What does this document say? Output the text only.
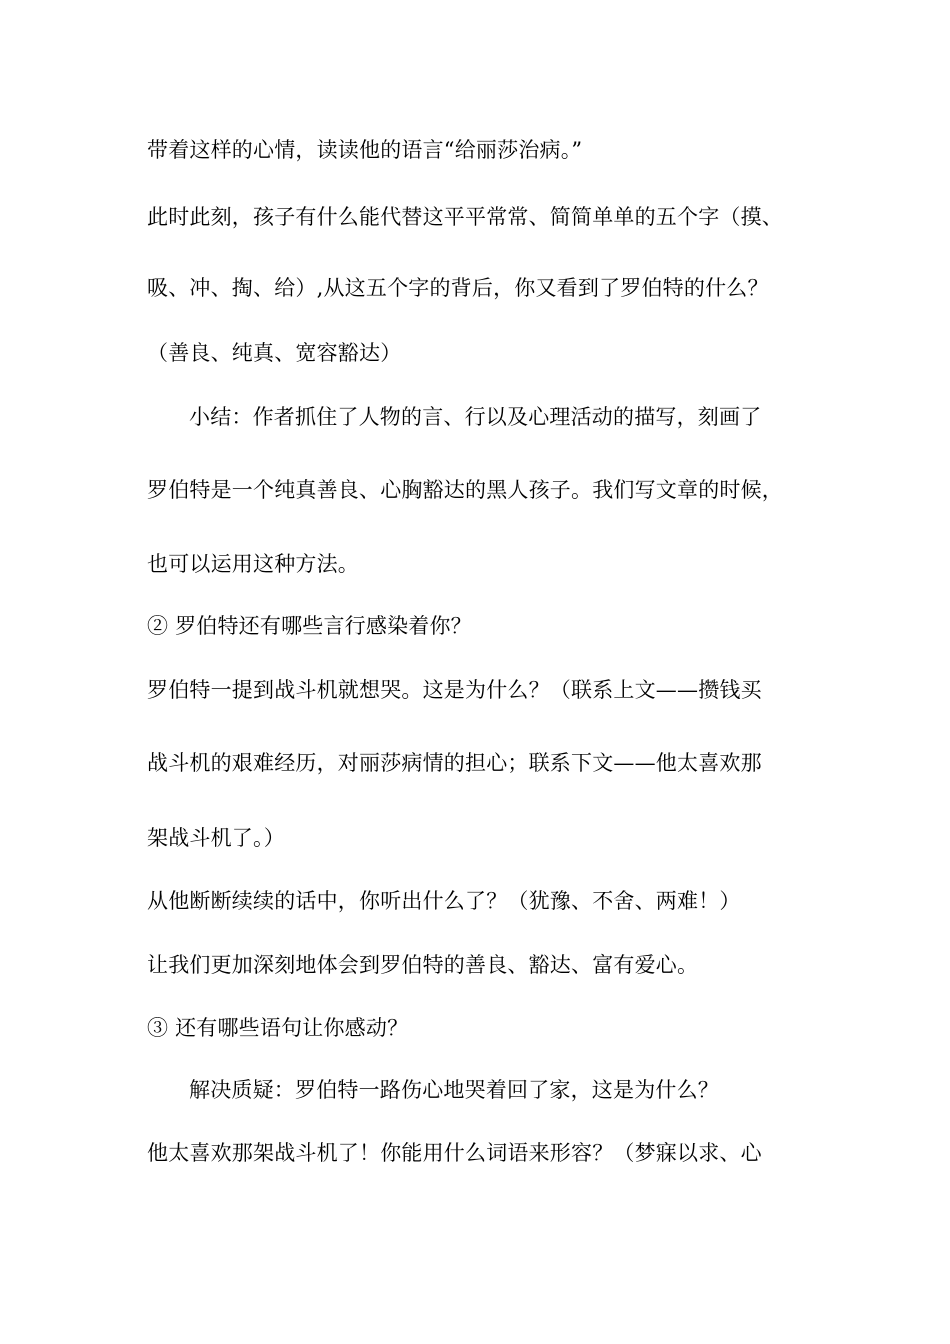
带着这样的心情，读读他的语言“给丽莎治病。”
此时此刻，孩子有什么能代替这平平常常、简简单单的五个字（摸、
吸、冲、掏、给）,从这五个字的背后，你又看到了罗伯特的什么？
（善良、纯真、宽容豁达）
小结：作者抓住了人物的言、行以及心理活动的描写，刻画了
罗伯特是一个纯真善良、心胸豁达的黑人孩子。我们写文章的时候，
也可以运用这种方法。
② 罗伯特还有哪些言行感染着你？
罗伯特一提到战斗机就想哭。这是为什么？（联系上文——攒钱买
战斗机的艰难经历，对丽莎病情的担心；联系下文——他太喜欢那
架战斗机了。）
从他断断续续的话中，你听出什么了？（犹豫、不舍、两难！）
让我们更加深刻地体会到罗伯特的善良、豁达、富有爱心。
③ 还有哪些语句让你感动？
解决质疑：罗伯特一路伤心地哭着回了家，这是为什么？
他太喜欢那架战斗机了！你能用什么词语来形容？（梦寐以求、心
